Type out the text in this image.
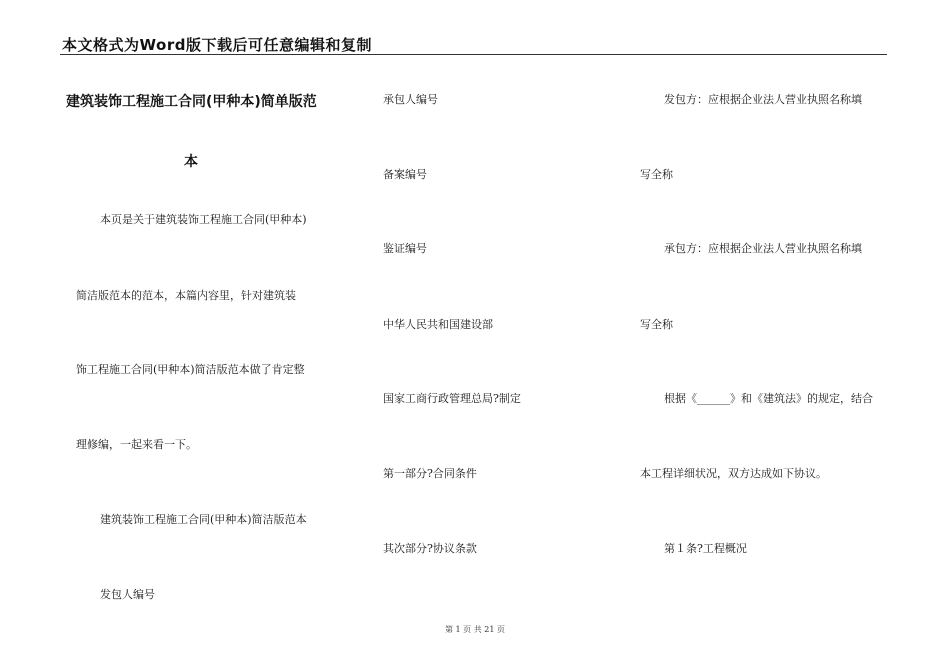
本文格式为Word版下载后可任意编辑和复制
建筑装饰工程施工合同(甲种本)简单版范
本
本页是关于建筑装饰工程施工合同(甲种本)
简洁版范本的范本，本篇内容里，针对建筑装
饰工程施工合同(甲种本)简洁版范本做了肯定整
理修编，一起来看一下。
建筑装饰工程施工合同(甲种本)简洁版范本
发包人编号
承包人编号
备案编号
鉴证编号
中华人民共和国建设部
国家工商行政管理总局?制定
第一部分?合同条件
其次部分?协议条款
发包方：应根据企业法人营业执照名称填
写全称
承包方：应根据企业法人营业执照名称填
写全称
根据《______》和《建筑法》的规定，结合
本工程详细状况，双方达成如下协议。
第１条?工程概况
第 1 页 共 21 页
